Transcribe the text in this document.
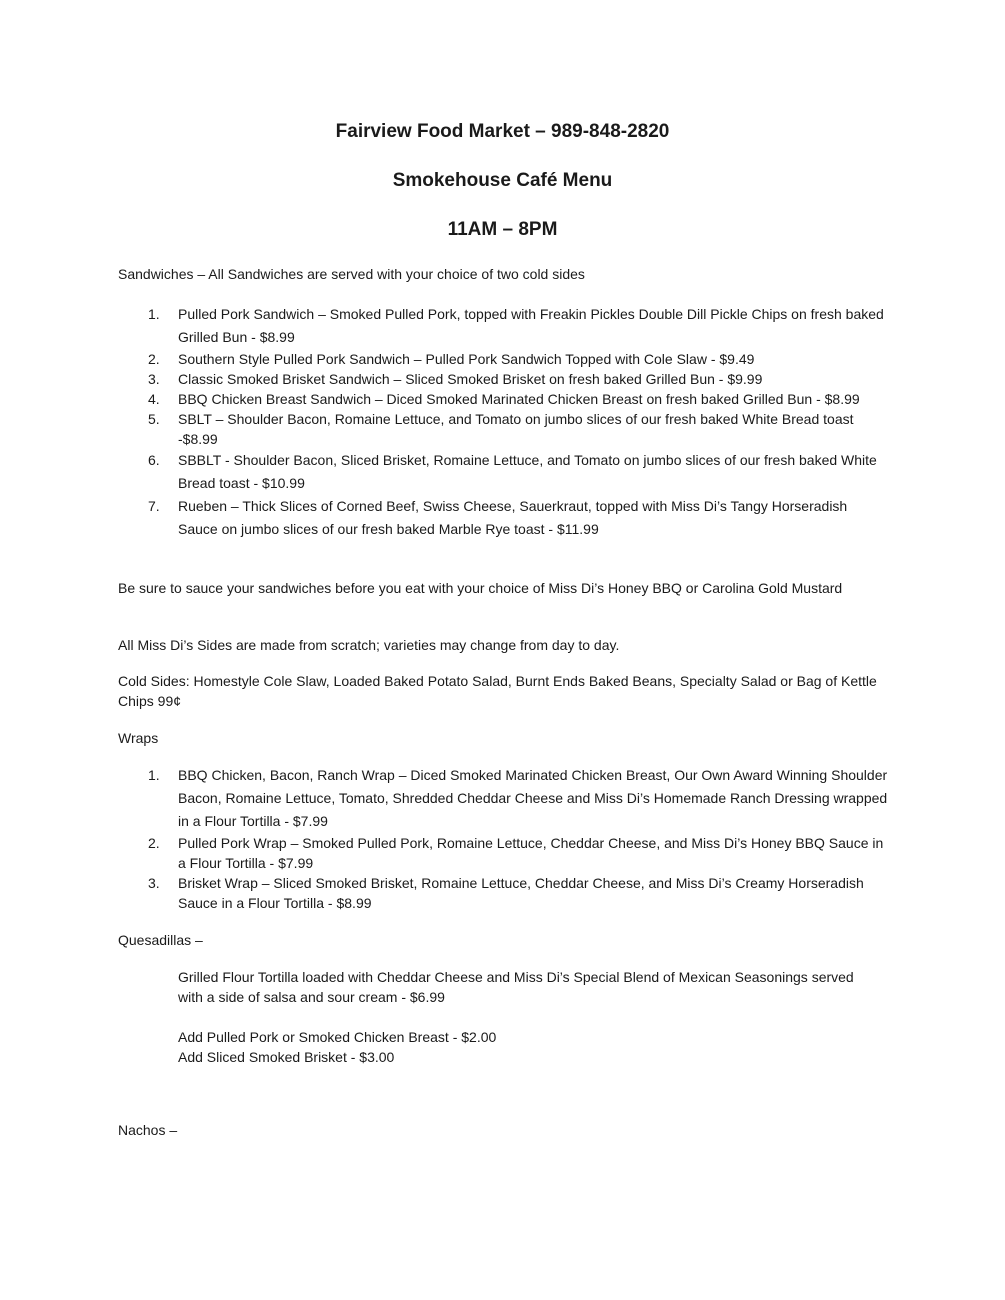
Fairview Food Market – 989-848-2820
Smokehouse Café Menu
11AM – 8PM
Sandwiches – All Sandwiches are served with your choice of two cold sides
1. Pulled Pork Sandwich – Smoked Pulled Pork, topped with Freakin Pickles Double Dill Pickle Chips on fresh baked Grilled Bun - $8.99
2. Southern Style Pulled Pork Sandwich – Pulled Pork Sandwich Topped with Cole Slaw - $9.49
3. Classic Smoked Brisket Sandwich – Sliced Smoked Brisket on fresh baked Grilled Bun - $9.99
4. BBQ Chicken Breast Sandwich – Diced Smoked Marinated Chicken Breast on fresh baked Grilled Bun - $8.99
5. SBLT – Shoulder Bacon, Romaine Lettuce, and Tomato on jumbo slices of our fresh baked White Bread toast -$8.99
6. SBBLT - Shoulder Bacon, Sliced Brisket, Romaine Lettuce, and Tomato on jumbo slices of our fresh baked White Bread toast - $10.99
7. Rueben – Thick Slices of Corned Beef, Swiss Cheese, Sauerkraut, topped with Miss Di’s Tangy Horseradish Sauce on jumbo slices of our fresh baked Marble Rye toast - $11.99
Be sure to sauce your sandwiches before you eat with your choice of Miss Di’s Honey BBQ or Carolina Gold Mustard
All Miss Di’s Sides are made from scratch; varieties may change from day to day.
Cold Sides: Homestyle Cole Slaw, Loaded Baked Potato Salad, Burnt Ends Baked Beans, Specialty Salad or Bag of Kettle Chips 99¢
Wraps
1. BBQ Chicken, Bacon, Ranch Wrap – Diced Smoked Marinated Chicken Breast, Our Own Award Winning Shoulder Bacon, Romaine Lettuce, Tomato, Shredded Cheddar Cheese and Miss Di’s Homemade Ranch Dressing wrapped in a Flour Tortilla - $7.99
2. Pulled Pork Wrap – Smoked Pulled Pork, Romaine Lettuce, Cheddar Cheese, and Miss Di’s Honey BBQ Sauce in a Flour Tortilla - $7.99
3. Brisket Wrap – Sliced Smoked Brisket, Romaine Lettuce, Cheddar Cheese, and Miss Di’s Creamy Horseradish Sauce in a Flour Tortilla - $8.99
Quesadillas –
Grilled Flour Tortilla loaded with Cheddar Cheese and Miss Di’s Special Blend of Mexican Seasonings served with a side of salsa and sour cream - $6.99
Add Pulled Pork or Smoked Chicken Breast - $2.00
Add Sliced Smoked Brisket - $3.00
Nachos –
